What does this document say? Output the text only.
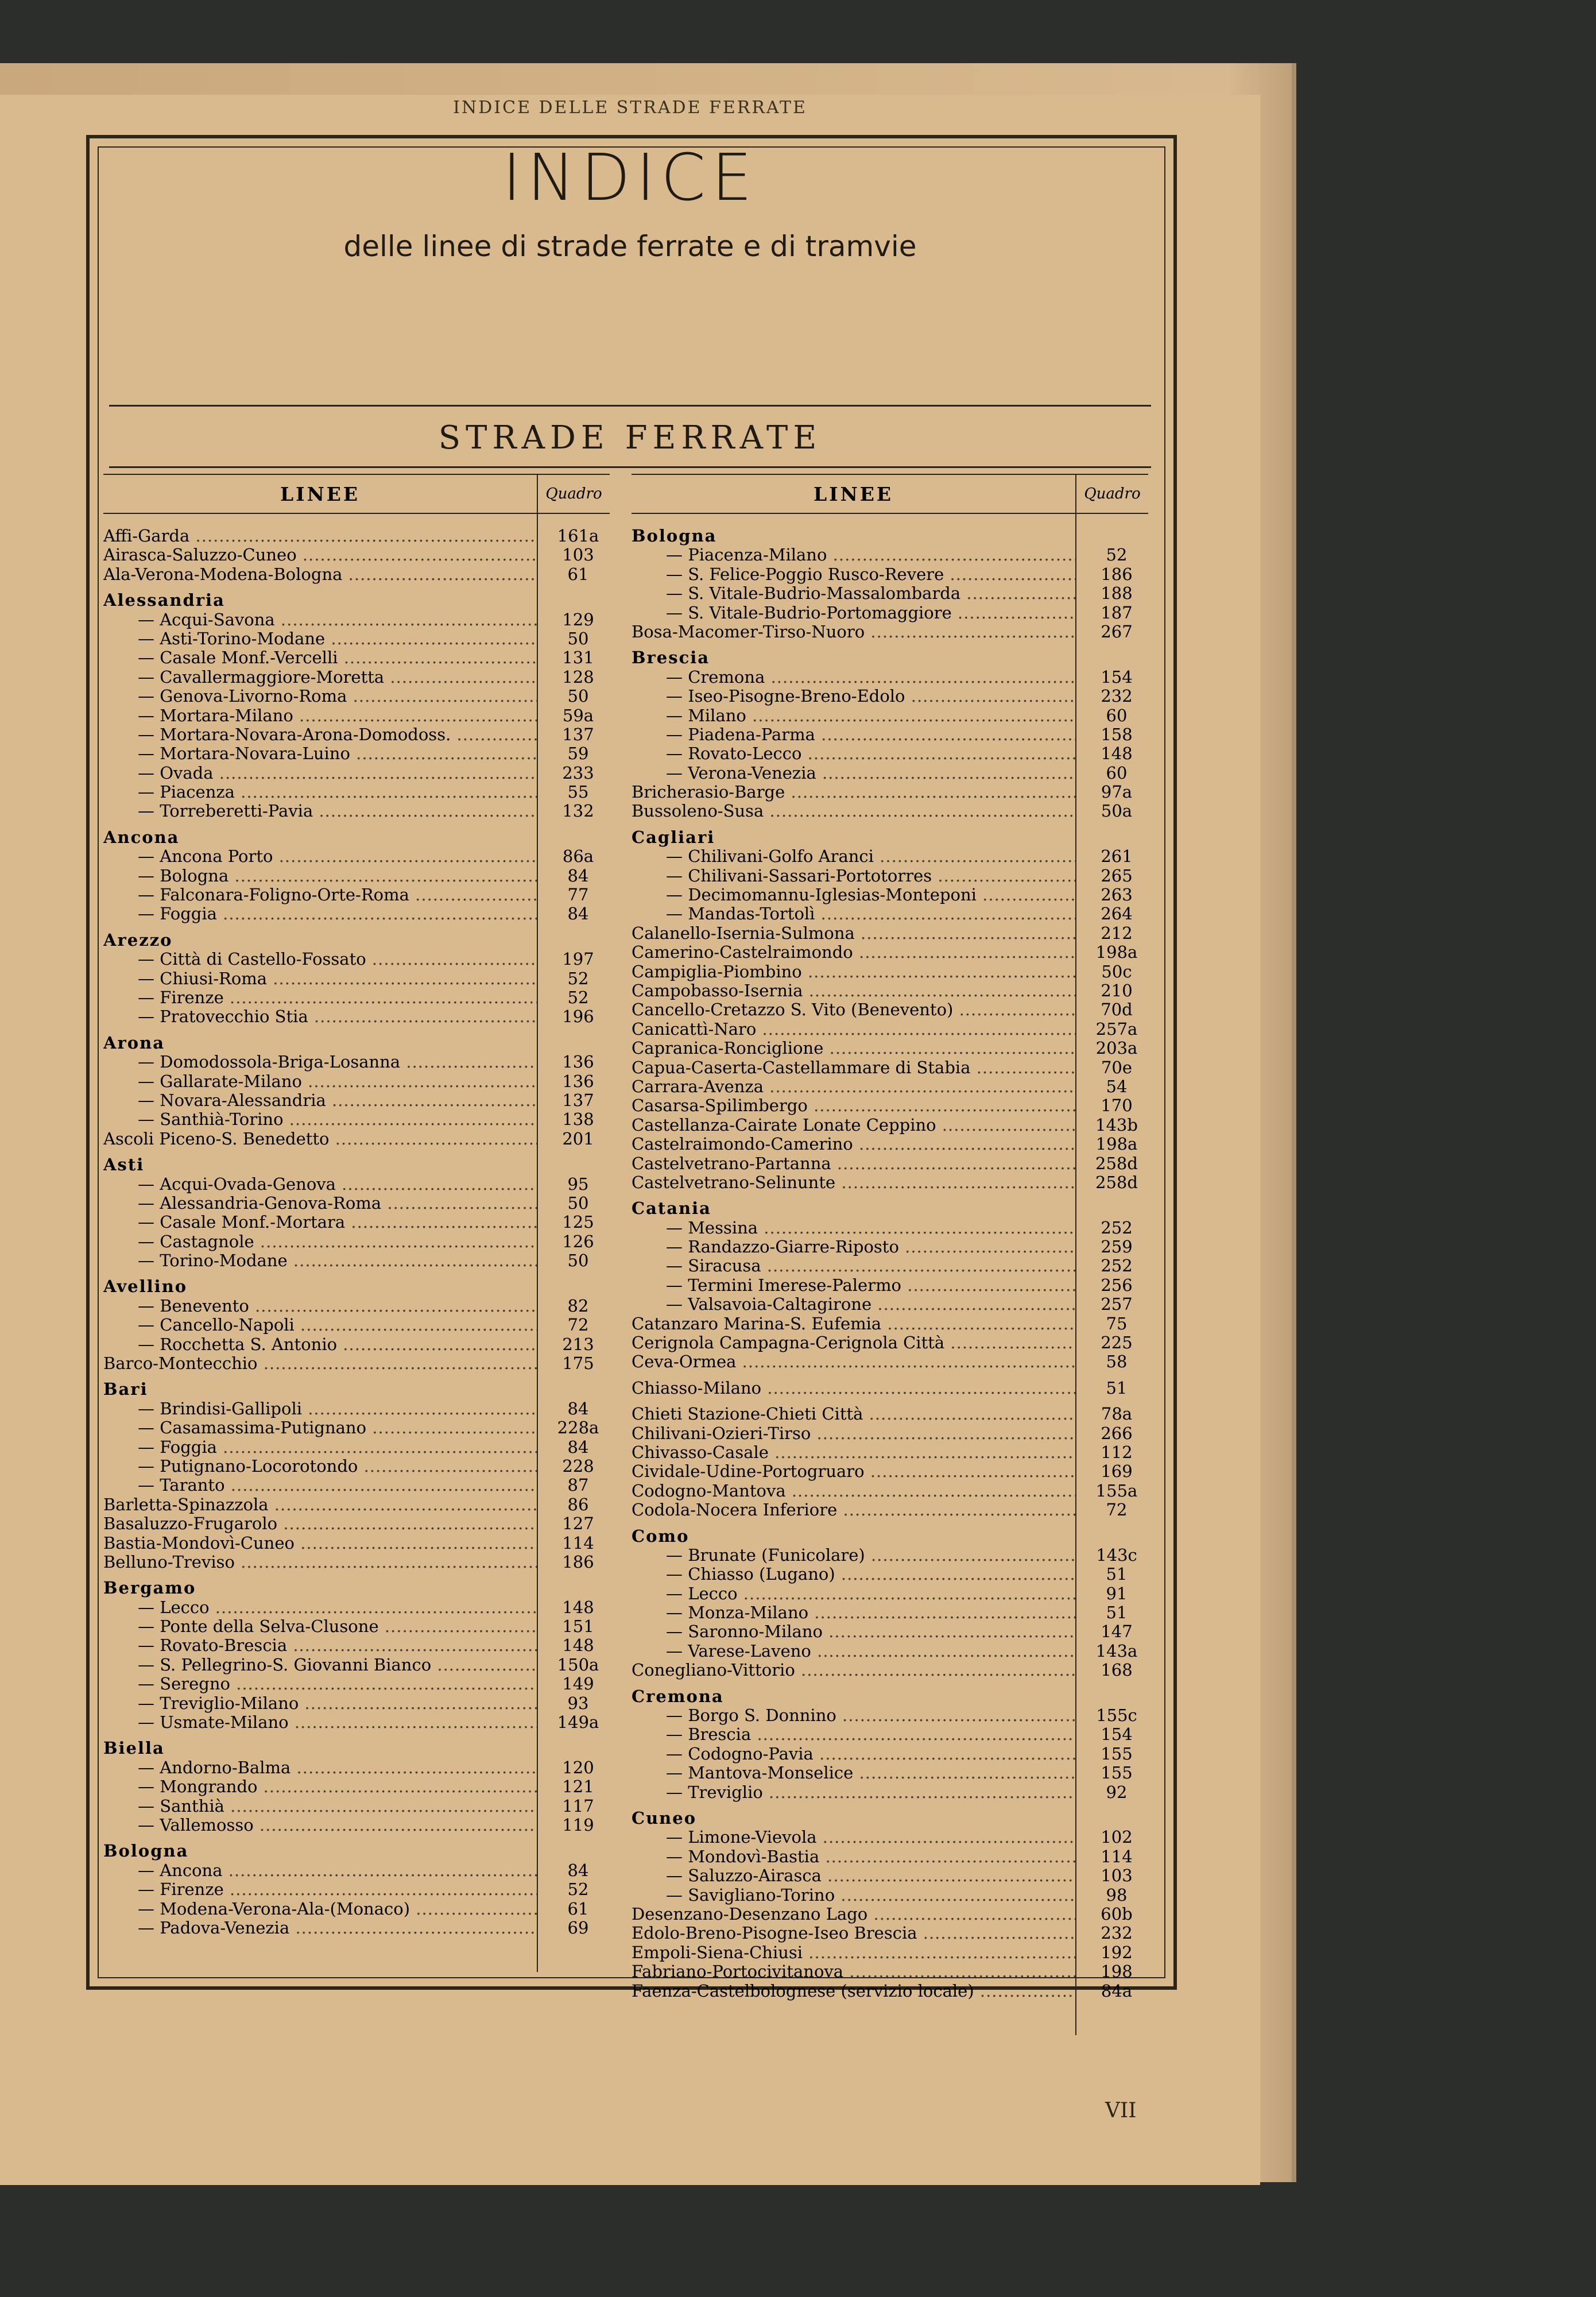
INDICE DELLE STRADE FERRATE
INDICE
delle linee di strade ferrate e di tramvie
STRADE FERRATE
LINEE	Quadro
Affi-Garda .....	161a
Airasca-Saluzzo-Cuneo .....	103
Ala-Verona-Modena-Bologna .....	61
Alessandria
— Acqui-Savona .....	129
— Asti-Torino-Modane .....	50
— Casale Monf.-Vercelli .....	131
— Cavallermaggiore-Moretta .....	128
— Genova-Livorno-Roma .....	50
— Mortara-Milano .....	59a
— Mortara-Novara-Arona-Domodoss. .....	137
— Mortara-Novara-Luino .....	59
— Ovada .....	233
— Piacenza .....	55
— Torreberetti-Pavia .....	132
Ancona
— Ancona Porto .....	86a
— Bologna .....	84
— Falconara-Foligno-Orte-Roma .....	77
— Foggia .....	84
Arezzo
— Città di Castello-Fossato .....	197
— Chiusi-Roma .....	52
— Firenze .....	52
— Pratovecchio Stia .....	196
Arona
— Domodossola-Briga-Losanna .....	136
— Gallarate-Milano .....	136
— Novara-Alessandria .....	137
— Santhià-Torino .....	138
Ascoli Piceno-S. Benedetto .....	201
Asti
— Acqui-Ovada-Genova .....	95
— Alessandria-Genova-Roma .....	50
— Casale Monf.-Mortara .....	125
— Castagnole .....	126
— Torino-Modane .....	50
Avellino
— Benevento .....	82
— Cancello-Napoli .....	72
— Rocchetta S. Antonio .....	213
Barco-Montecchio .....	175
Bari
— Brindisi-Gallipoli .....	84
— Casamassima-Putignano .....	228a
— Foggia .....	84
— Putignano-Locorotondo .....	228
— Taranto .....	87
Barletta-Spinazzola .....	86
Basaluzzo-Frugarolo .....	127
Bastia-Mondovì-Cuneo .....	114
Belluno-Treviso .....	186
Bergamo
— Lecco .....	148
— Ponte della Selva-Clusone .....	151
— Rovato-Brescia .....	148
— S. Pellegrino-S. Giovanni Bianco .....	150a
— Seregno .....	149
— Treviglio-Milano .....	93
— Usmate-Milano .....	149a
Biella
— Andorno-Balma .....	120
— Mongrando .....	121
— Santhià .....	117
— Vallemosso .....	119
Bologna
— Ancona .....	84
— Firenze .....	52
— Modena-Verona-Ala-(Monaco) .....	61
— Padova-Venezia .....	69
LINEE	Quadro
Bologna
— Piacenza-Milano .....	52
— S. Felice-Poggio Rusco-Revere .....	186
— S. Vitale-Budrio-Massalombarda .....	188
— S. Vitale-Budrio-Portomaggiore .....	187
Bosa-Macomer-Tirso-Nuoro .....	267
Brescia
— Cremona .....	154
— Iseo-Pisogne-Breno-Edolo .....	232
— Milano .....	60
— Piadena-Parma .....	158
— Rovato-Lecco .....	148
— Verona-Venezia .....	60
Bricherasio-Barge .....	97a
Bussoleno-Susa .....	50a
Cagliari
— Chilivani-Golfo Aranci .....	261
— Chilivani-Sassari-Portotorres .....	265
— Decimomannu-Iglesias-Monteponi .....	263
— Mandas-Tortolì .....	264
Calanello-Isernia-Sulmona .....	212
Camerino-Castelraimondo .....	198a
Campiglia-Piombino .....	50c
Campobasso-Isernia .....	210
Cancello-Cretazzo S. Vito (Benevento) .....	70d
Canicattì-Naro .....	257a
Capranica-Ronciglione .....	203a
Capua-Caserta-Castellammare di Stabia .....	70e
Carrara-Avenza .....	54
Casarsa-Spilimbergo .....	170
Castellanza-Cairate Lonate Ceppino .....	143b
Castelraimondo-Camerino .....	198a
Castelvetrano-Partanna .....	258d
Castelvetrano-Selinunte .....	258d
Catania
— Messina .....	252
— Randazzo-Giarre-Riposto .....	259
— Siracusa .....	252
— Termini Imerese-Palermo .....	256
— Valsavoia-Caltagirone .....	257
Catanzaro Marina-S. Eufemia .....	75
Cerignola Campagna-Cerignola Città .....	225
Ceva-Ormea .....	58
Chiasso-Milano .....	51
Chieti Stazione-Chieti Città .....	78a
Chilivani-Ozieri-Tirso .....	266
Chivasso-Casale .....	112
Cividale-Udine-Portogruaro .....	169
Codogno-Mantova .....	155a
Codola-Nocera Inferiore .....	72
Como
— Brunate (Funicolare) .....	143c
— Chiasso (Lugano) .....	51
— Lecco .....	91
— Monza-Milano .....	51
— Saronno-Milano .....	147
— Varese-Laveno .....	143a
Conegliano-Vittorio .....	168
Cremona
— Borgo S. Donnino .....	155c
— Brescia .....	154
— Codogno-Pavia .....	155
— Mantova-Monselice .....	155
— Treviglio .....	92
Cuneo
— Limone-Vievola .....	102
— Mondovì-Bastia .....	114
— Saluzzo-Airasca .....	103
— Savigliano-Torino .....	98
Desenzano-Desenzano Lago .....	60b
Edolo-Breno-Pisogne-Iseo Brescia .....	232
Empoli-Siena-Chiusi .....	192
Fabriano-Portocivitanova .....	198
Faenza-Castelbolognese (servizio locale) .....	84a
VII
